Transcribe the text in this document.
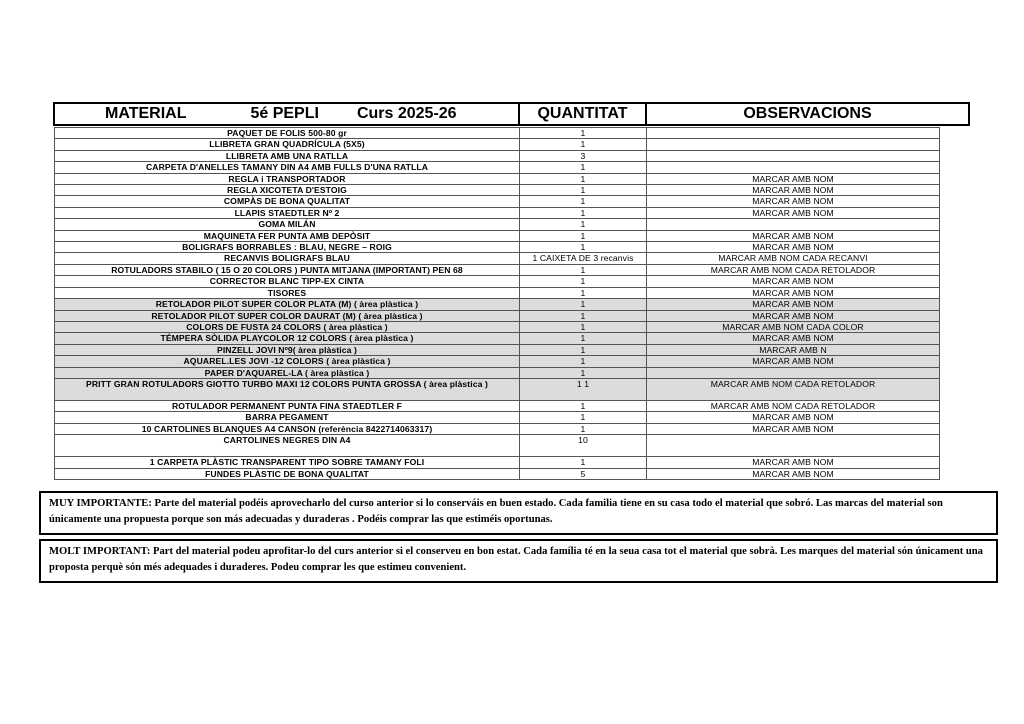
MATERIAL	5é PEPLI Curs 2025-26	QUANTITAT	OBSERVACIONS
PAQUET DE FOLIS 500-80 gr	1	
LLIBRETA GRAN QUADRÍCULA (5X5)	1	
LLIBRETA AMB UNA RATLLA	3	
CARPETA D'ANELLES TAMANY DIN A4 AMB FULLS D'UNA RATLLA	1	
REGLA i TRANSPORTADOR	1	MARCAR AMB NOM
REGLA XICOTETA D'ESTOIG	1	MARCAR AMB NOM
COMPÀS DE BONA QUALITAT	1	MARCAR AMB NOM
LLAPIS STAEDTLER Nº 2	1	MARCAR AMB NOM
GOMA MILÁN	1	
MAQUINETA FER PUNTA AMB DEPÒSIT	1	MARCAR AMB NOM
BOLIGRAFS BORRABLES : BLAU, NEGRE – ROIG	1	MARCAR AMB NOM
RECANVIS BOLIGRAFS BLAU	1 CAIXETA DE 3 recanvis	MARCAR AMB NOM CADA RECANVI
ROTULADORS STABILO ( 15 O 20 COLORS ) PUNTA MITJANA (IMPORTANT) PEN 68	1	MARCAR AMB NOM CADA RETOLADOR
CORRECTOR BLANC TIPP-EX CINTA	1	MARCAR AMB NOM
TISORES	1	MARCAR AMB NOM
RETOLADOR PILOT SUPER COLOR PLATA (M) ( àrea plàstica )	1	MARCAR AMB NOM
RETOLADOR PILOT SUPER COLOR DAURAT (M) ( àrea plàstica )	1	MARCAR AMB NOM
COLORS DE FUSTA 24 COLORS ( àrea plàstica )	1	MARCAR AMB NOM CADA COLOR
TÉMPERA SÒLIDA PLAYCOLOR 12 COLORS ( àrea plàstica )	1	MARCAR AMB NOM
PINZELL JOVI Nº9( àrea plàstica )	1	MARCAR AMB N
AQUAREL.LES JOVI -12 COLORS ( àrea plàstica )	1	MARCAR AMB NOM
PAPER D'AQUAREL-LA ( àrea plàstica )	1	
PRITT GRAN ROTULADORS GIOTTO TURBO MAXI 12 COLORS PUNTA GROSSA ( àrea plàstica )	1 1	MARCAR AMB NOM CADA RETOLADOR
ROTULADOR PERMANENT PUNTA FINA STAEDTLER F	1	MARCAR AMB NOM CADA RETOLADOR
BARRA PEGAMENT	1	MARCAR AMB NOM
10 CARTOLINES BLANQUES A4 CANSON (referència 8422714063317)	1	MARCAR AMB NOM
CARTOLINES NEGRES DIN A4	10	
1 CARPETA PLÀSTIC TRANSPARENT TIPO SOBRE TAMANY FOLI	1	MARCAR AMB NOM
FUNDES PLÀSTIC DE BONA QUALITAT	5	MARCAR AMB NOM
MUY IMPORTANTE: Parte del material podéis aprovecharlo del curso anterior si lo conserváis en buen estado. Cada familia tiene en su casa todo el material que sobró. Las marcas del material son únicamente una propuesta porque son más adecuadas y duraderas . Podéis comprar las que estiméis oportunas.
MOLT IMPORTANT: Part del material podeu aprofitar-lo del curs anterior si el conserveu en bon estat. Cada família té en la seua casa tot el material que sobrà. Les marques del material són únicament una proposta perquè són més adequades i duraderes. Podeu comprar les que estimeu convenient.
